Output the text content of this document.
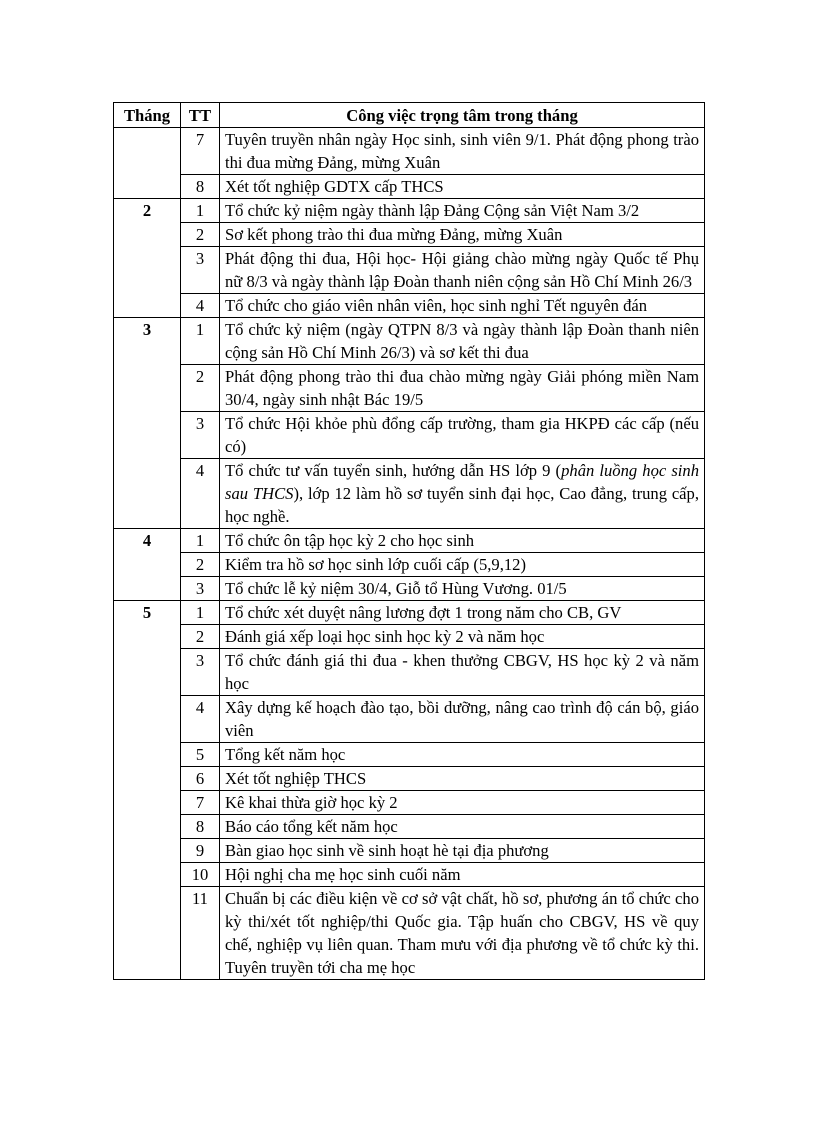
Tháng	TT	Công việc trọng tâm trong tháng
	7	Tuyên truyền nhân ngày Học sinh, sinh viên 9/1. Phát động phong trào thi đua mừng Đảng, mừng Xuân
	8	Xét tốt nghiệp GDTX cấp THCS
2	1	Tổ chức kỷ niệm ngày thành lập Đảng Cộng sản Việt Nam 3/2
	2	Sơ kết phong trào thi đua mừng Đảng, mừng Xuân
	3	Phát động thi đua, Hội học- Hội giảng chào mừng ngày Quốc tế Phụ nữ 8/3 và ngày thành lập Đoàn thanh niên cộng sản Hồ Chí Minh 26/3
	4	Tổ chức cho giáo viên nhân viên, học sinh nghỉ Tết nguyên đán
3	1	Tổ chức kỷ niệm (ngày QTPN 8/3 và ngày thành lập Đoàn thanh niên cộng sản Hồ Chí Minh 26/3) và sơ kết thi đua
	2	Phát động phong trào thi đua chào mừng ngày Giải phóng miền Nam 30/4, ngày sinh nhật Bác 19/5
	3	Tổ chức Hội khỏe phù đổng cấp trường, tham gia HKPĐ các cấp (nếu có)
	4	Tổ chức tư vấn tuyển sinh, hướng dẫn HS lớp 9 (phân luồng học sinh sau THCS), lớp 12 làm hồ sơ tuyển sinh đại học, Cao đẳng, trung cấp, học nghề.
4	1	Tổ chức ôn tập học kỳ 2 cho học sinh
	2	Kiểm tra hồ sơ học sinh lớp cuối cấp (5,9,12)
	3	Tổ chức lễ kỷ niệm 30/4, Giỗ tổ Hùng Vương. 01/5
5	1	Tổ chức xét duyệt nâng lương đợt 1 trong năm cho CB, GV
	2	Đánh giá xếp loại học sinh học kỳ 2 và năm học
	3	Tổ chức đánh giá thi đua - khen thưởng CBGV, HS học kỳ 2 và năm học
	4	Xây dựng kế hoạch đào tạo, bồi dưỡng, nâng cao trình độ cán bộ, giáo viên
	5	Tổng kết năm học
	6	Xét tốt nghiệp THCS
	7	Kê khai thừa giờ học kỳ 2
	8	Báo cáo tổng kết năm học
	9	Bàn giao học sinh về sinh hoạt hè tại địa phương
	10	Hội nghị cha mẹ học sinh cuối năm
	11	Chuẩn bị các điều kiện về cơ sở vật chất, hồ sơ, phương án tổ chức cho kỳ thi/xét tốt nghiệp/thi Quốc gia. Tập huấn cho CBGV, HS về quy chế, nghiệp vụ liên quan. Tham mưu với địa phương về tổ chức kỳ thi. Tuyên truyền tới cha mẹ học
